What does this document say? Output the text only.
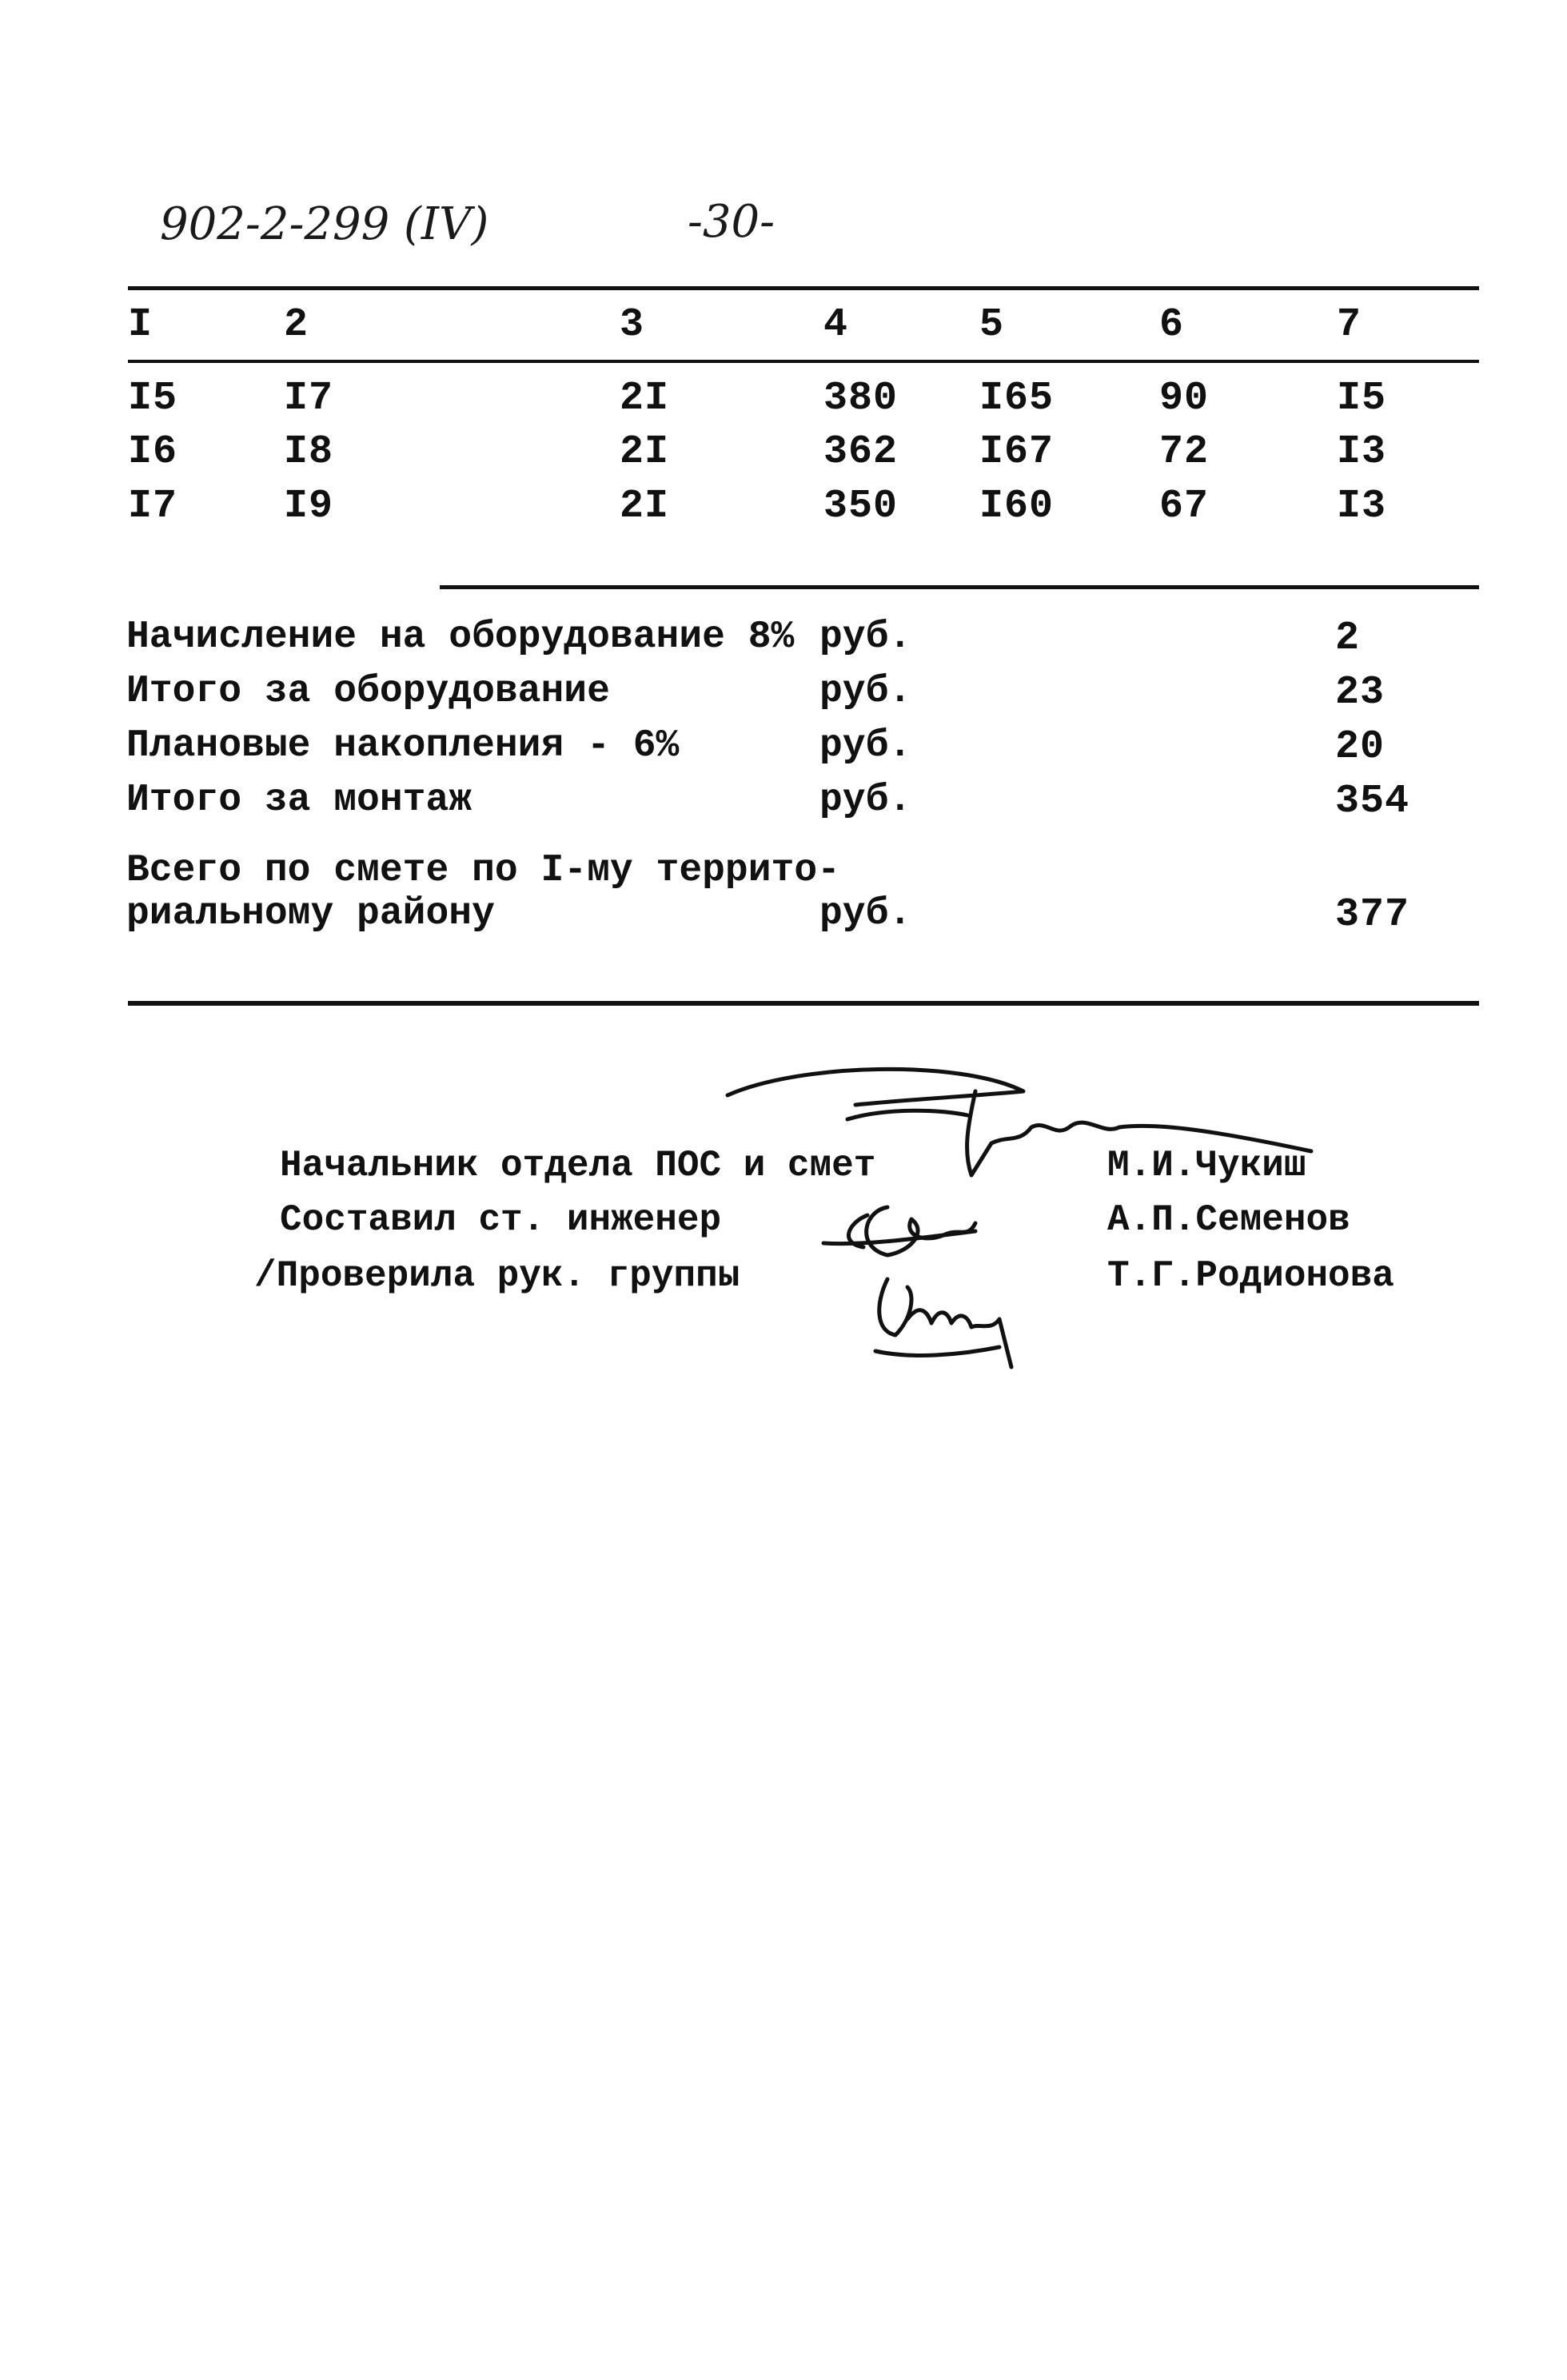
902-2-299 (IV)	-30-
I	2	3	4	5	6	7
I5	I7	2I	380 I65	90	I5
I6	I8	2I	362 I67	72	I3
I7	I9	2I	350 I60	67	I3
Начисление на оборудование 8% руб.	2
Итого за оборудование	руб.	23
Плановые накопления - 6%	руб.	20
Итого за монтаж	руб.	354
Всего по смете по I-му террито-
риальному району	руб.	377
Начальник отдела ПОС и смет	М.И.Чукиш
Составил ст. инженер	А.П.Семенов
/Проверила рук. группы	Т.Г.Родионова
